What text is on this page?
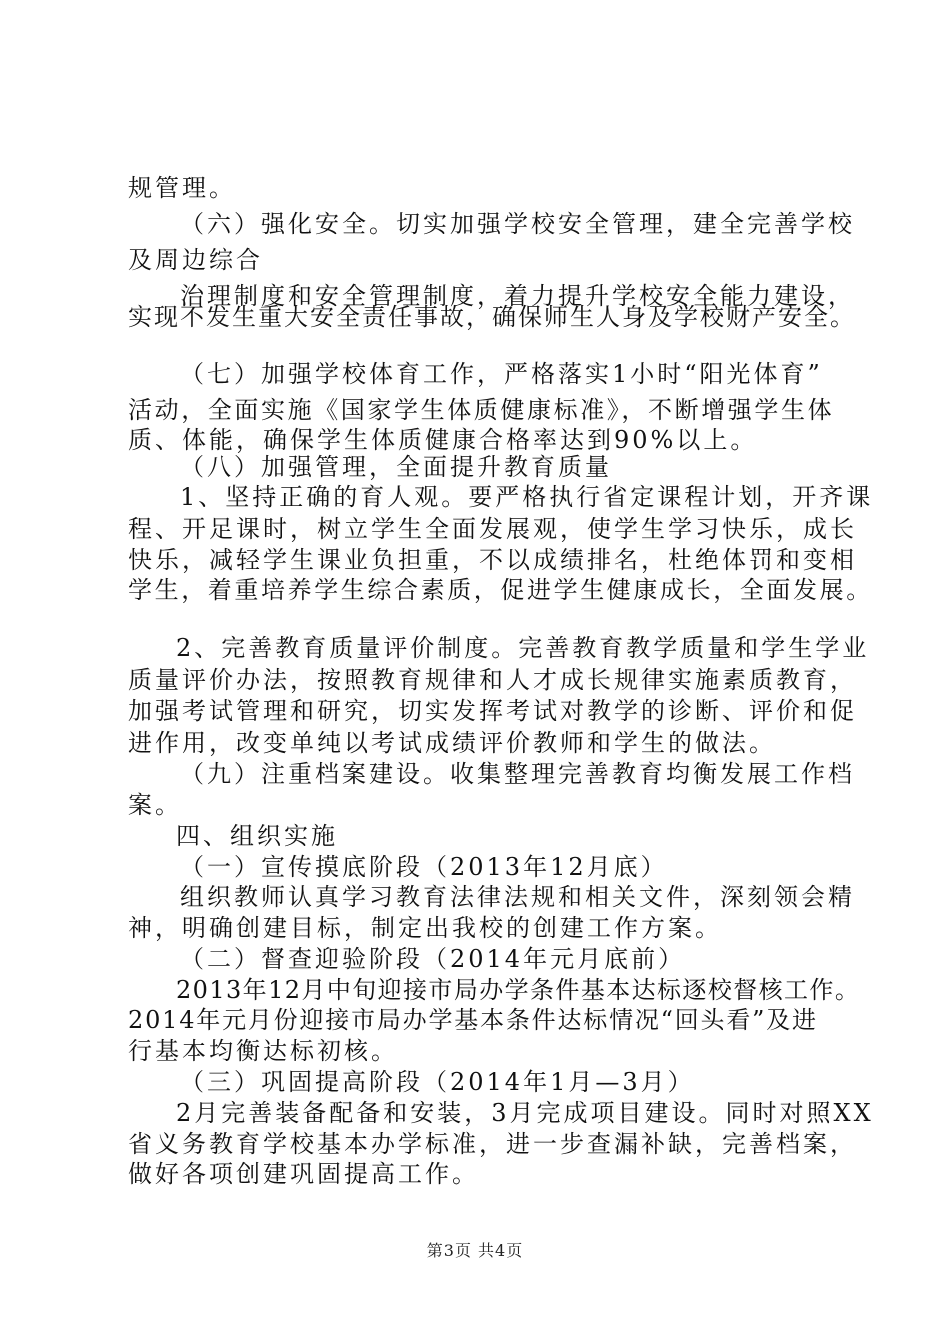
规管理。
（六）强化安全。切实加强学校安全管理，建全完善学校
及周边综合
治理制度和安全管理制度，着力提升学校安全能力建设，
实现不发生重大安全责任事故，确保师生人身及学校财产安全。
（七）加强学校体育工作，严格落实1小时“阳光体育”
活动，全面实施《国家学生体质健康标准》，不断增强学生体
质、体能，确保学生体质健康合格率达到90%以上。
（八）加强管理，全面提升教育质量
1、坚持正确的育人观。要严格执行省定课程计划，开齐课
程、开足课时，树立学生全面发展观，使学生学习快乐，成长
快乐，减轻学生课业负担重，不以成绩排名，杜绝体罚和变相
学生，着重培养学生综合素质，促进学生健康成长，全面发展。
2、完善教育质量评价制度。完善教育教学质量和学生学业
质量评价办法，按照教育规律和人才成长规律实施素质教育，
加强考试管理和研究，切实发挥考试对教学的诊断、评价和促
进作用，改变单纯以考试成绩评价教师和学生的做法。
（九）注重档案建设。收集整理完善教育均衡发展工作档
案。
四、组织实施
（一）宣传摸底阶段（2013年12月底）
组织教师认真学习教育法律法规和相关文件，深刻领会精
神，明确创建目标，制定出我校的创建工作方案。
（二）督查迎验阶段（2014年元月底前）
2013年12月中旬迎接市局办学条件基本达标逐校督核工作。
2014年元月份迎接市局办学基本条件达标情况“回头看”及进
行基本均衡达标初核。
（三）巩固提高阶段（2014年1月—3月）
2月完善装备配备和安装，3月完成项目建设。同时对照XX
省义务教育学校基本办学标准，进一步查漏补缺，完善档案，
做好各项创建巩固提高工作。
第3页 共4页
